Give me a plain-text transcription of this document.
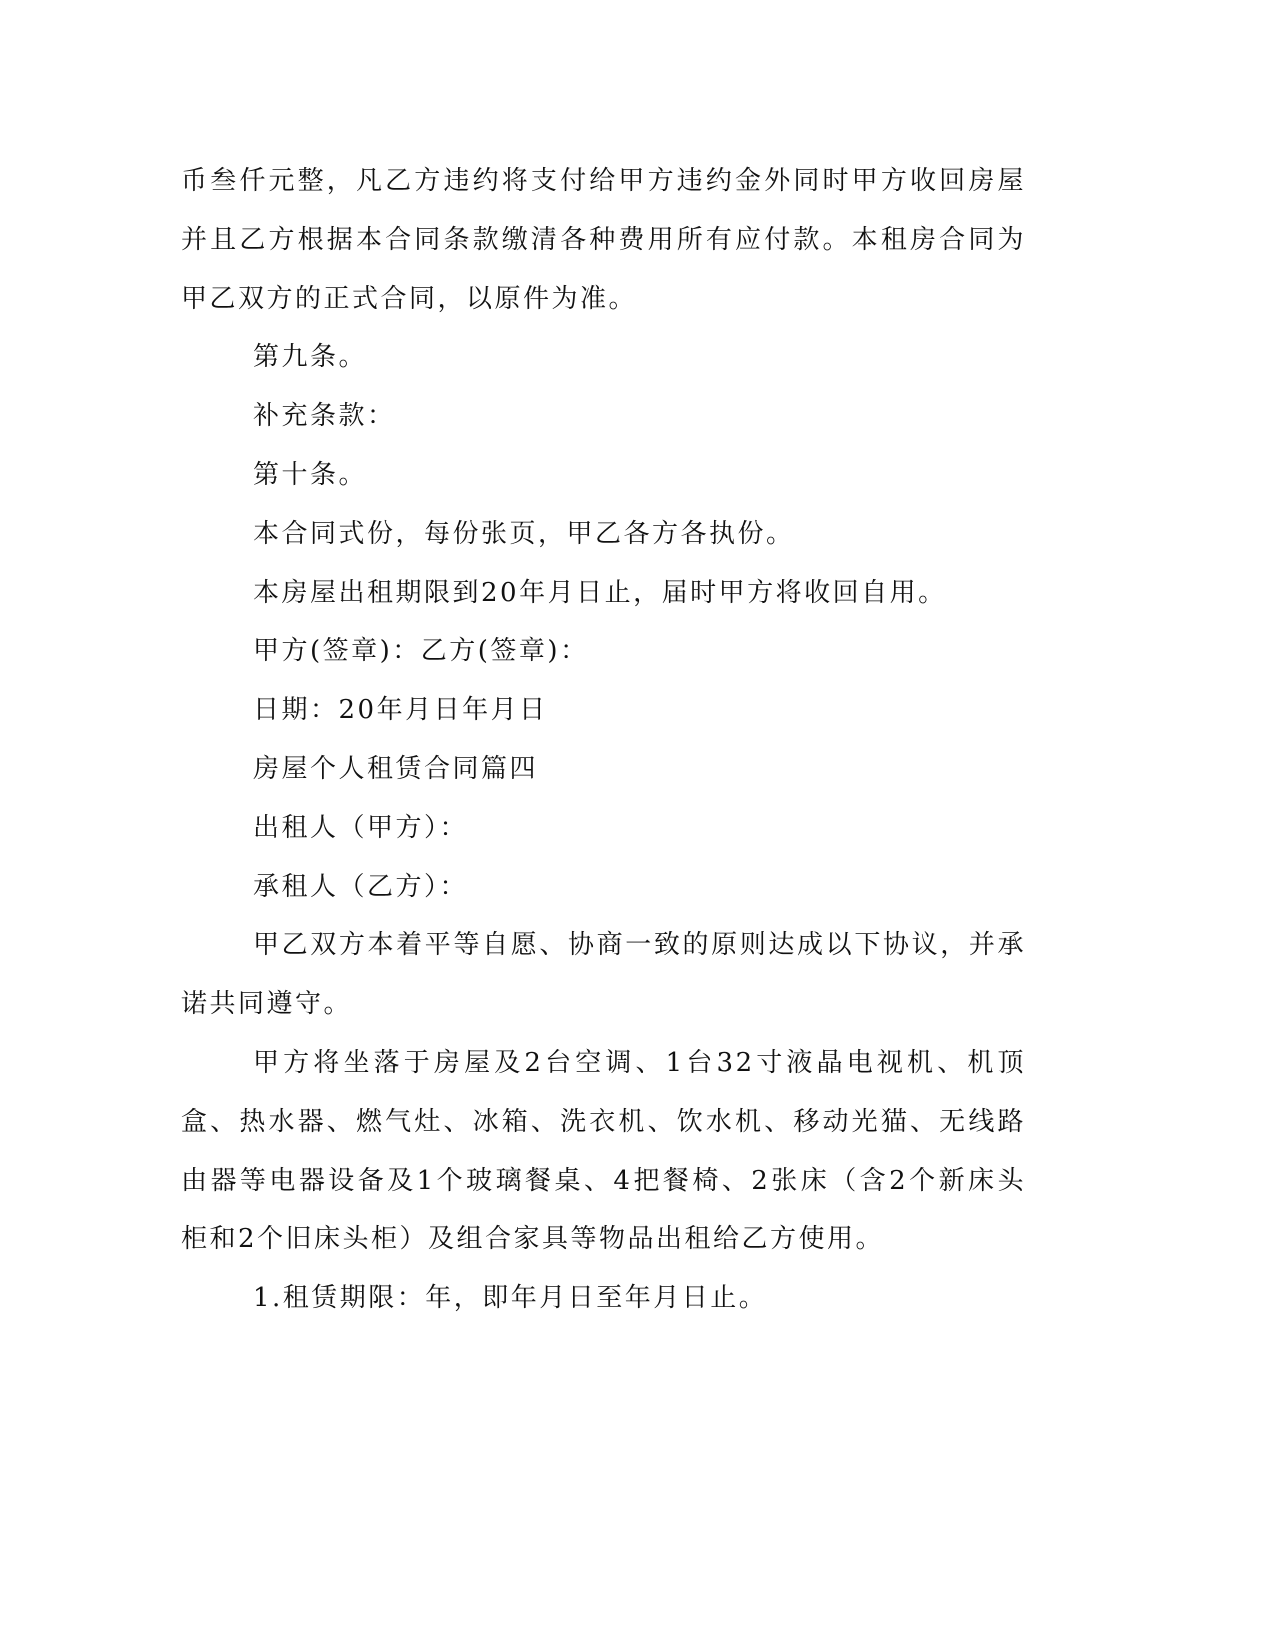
币叁仟元整，凡乙方违约将支付给甲方违约金外同时甲方收回房屋并且乙方根据本合同条款缴清各种费用所有应付款。本租房合同为甲乙双方的正式合同，以原件为准。

第九条。

补充条款：

第十条。

本合同式份，每份张页，甲乙各方各执份。

本房屋出租期限到20年月日止，届时甲方将收回自用。

甲方(签章)：乙方(签章)：

日期：20年月日年月日

房屋个人租赁合同篇四

出租人（甲方）：

承租人（乙方）：

甲乙双方本着平等自愿、协商一致的原则达成以下协议，并承诺共同遵守。

甲方将坐落于房屋及2台空调、1台32寸液晶电视机、机顶盒、热水器、燃气灶、冰箱、洗衣机、饮水机、移动光猫、无线路由器等电器设备及1个玻璃餐桌、4把餐椅、2张床（含2个新床头柜和2个旧床头柜）及组合家具等物品出租给乙方使用。

1.租赁期限：年，即年月日至年月日止。
